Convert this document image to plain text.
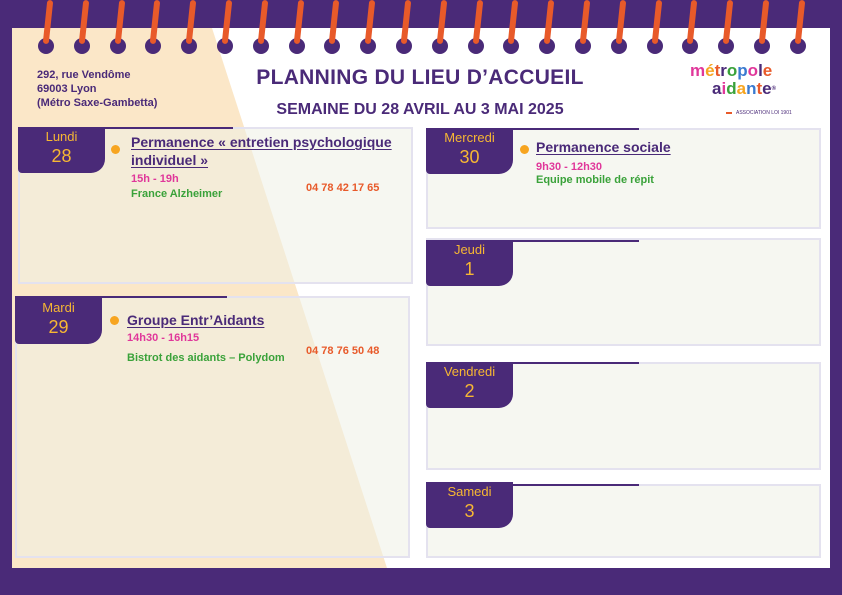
292, rue Vendôme
69003 Lyon
(Métro Saxe-Gambetta)
PLANNING DU LIEU D’ACCUEIL
SEMAINE DU 28 AVRIL AU 3 MAI 2025
métropole
aidante®
ASSOCIATION LOI 1901
Lundi
28
Permanence « entretien psychologique individuel »
15h - 19h
France Alzheimer	04 78 42 17 65
Mardi
29	Groupe Entr’Aidants
14h30 - 16h15
Bistrot des aidants – Polydom
04 78 76 50 48
Mercredi
30	Permanence sociale
9h30 - 12h30
Equipe mobile de répit
Jeudi
1
Vendredi
2
Samedi
3
